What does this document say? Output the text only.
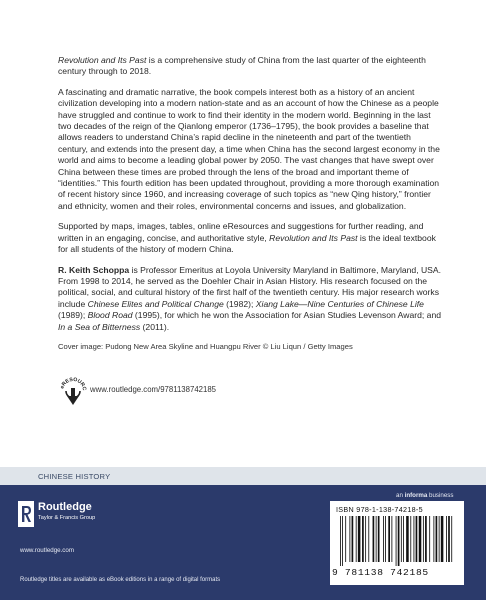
Revolution and Its Past is a comprehensive study of China from the last quarter of the eighteenth century through to 2018.

A fascinating and dramatic narrative, the book compels interest both as a history of an ancient civilization developing into a modern nation-state and as an account of how the Chinese as a people have struggled and continue to work to find their identity in the modern world. Beginning in the last two decades of the reign of the Qianlong emperor (1736–1795), the book provides a baseline that allows readers to understand China’s rapid decline in the nineteenth and part of the twentieth century, and extends into the present day, a time when China has the second largest economy in the world and aims to become a leading global power by 2050. The vast changes that have swept over China between these times are probed through the lens of the broad and important theme of “identities.” This fourth edition has been updated throughout, providing a more thorough examination of recent history since 1960, and increasing coverage of such topics as “new Qing history,” frontier and ethnicity, women and their roles, environmental concerns and issues, and globalization.

Supported by maps, images, tables, online eResources and suggestions for further reading, and written in an engaging, concise, and authoritative style, Revolution and Its Past is the ideal textbook for all students of the history of modern China.

R. Keith Schoppa is Professor Emeritus at Loyola University Maryland in Baltimore, Maryland, USA. From 1998 to 2014, he served as the Doehler Chair in Asian History. His research focused on the political, social, and cultural history of the first half of the twentieth century. His major research works include Chinese Elites and Political Change (1982); Xiang Lake—Nine Centuries of Chinese Life (1989); Blood Road (1995), for which he won the Association for Asian Studies Levenson Award; and In a Sea of Bitterness (2011).

Cover image: Pudong New Area Skyline and Huangpu River © Liu Liqun / Getty Images

eRESOURC www.routledge.com/9781138742185
CHINESE HISTORY
Routledge
Taylor & Francis Group
www.routledge.com
Routledge titles are available as eBook editions in a range of digital formats
an informa business
ISBN 978-1-138-74218-5
9 781138 742185
